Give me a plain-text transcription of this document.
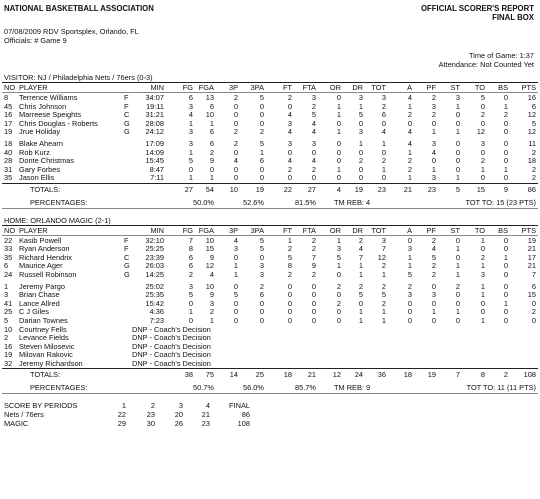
NATIONAL BASKETBALL ASSOCIATION	OFFICIAL SCORER'S REPORT
FINAL BOX
07/08/2009 RDV Sportsplex, Orlando, FL
Officials: # Game 9
Time of Game: 1:37
Attendance: Not Counted Yet
VISITOR: NJ / Philadelphia Nets / 76ers (0-3)
NO PLAYER	MIN	FG FGA 3P 3PA	FT FTA OR DR TOT	A PF ST TO BS PTS
8 Terrence Williams	F 34:07	6 13	2	5	2	3	0 3	3	4	2	3	5	0	16
45 Chris Johnson	F 19:11	3 6	0	0	0	2	1 1	2	1	3	1	0	1	6
16 Marreese Speights	C 31:21	4 10	0	0	4	5	1 5	6	2	2	0	2	2	12
17 Chris Douglas - Roberts	G 28:08	1 1	0	0	3	4	0 0	0	0	0	0	0	0	5
19 Jrue Holiday	G 24:12	3 6	2	2	4	4	1 3	4	4	1	1 12	0	12
18 Blake Ahearn	17:09	3 6	2	5	3	3	0 1	1	4	3	0	3	0	11
40 Rob Kurz	14:09	1 2	0	1	0	0	0 0	0	1	4	0	0	0	2
28 Donte Christmas	15:45	5 9	4	6	4	4	0 2	2	2	0	0	2	0	18
31 Gary Forbes	8:47	0 0	0	0	2	2	1 0	1	2	1	0	1	1	2
35 Jason Ellis	7:11	1 1	0	0	0	0	0 0	0	1	3	1	0	0	2
TOTALS:	27 54 10 19	22 27	4 19 23 21 23	5 15	9	86
PERCENTAGES:	50.0%	52.6%	81.5% TM REB: 4	TOT TO: 15 (23 PTS)
HOME: ORLANDO MAGIC (2-1)
NO PLAYER	MIN	FG FGA 3P 3PA	FT FTA OR DR TOT	A PF ST TO BS PTS
22 Kasib Powell	F 32:10	7 10	4	5	1	2	1 2	3	0	2	0	1	0	19
33 Ryan Anderson	F 25:25	8 15	3	5	2	2	3 4	7	3	4	1	0	0	21
35 Richard Hendrix	C 23:39	6 9	0	0	5	7	5 7 12	1	5	0	2	1	17
6 Maurice Ager	G 26:03	6 12	1	3	8	9	1 1	2	1	2	1	1	0	21
24 Russell Robinson	G 14:25	2 4	1	3	2	2	0 1	1	5	2	1	3	0	7
1 Jeremy Pargo	25:02	3 10	0	2	0	0	2 2	2	2	0	2	1	0	6
3 Brian Chase	25:35	5 9	5	6	0	0	0 5	5	3	3	0	1	0	15
41 Lance Allred	15:42	0 3	0	0	0	0	2 0	2	0	0	0	0	1	0
25 C J Giles	4:36	1 2	0	0	0	0	0 1	1	0	1	1	0	0	2
5 Darian Townes	7:23	0 1	0	0	0	0	0 1	1	0	0	0	1	0	0
10 Courtney Fells	DNP - Coach's Decision
2 Levance Fields	DNP - Coach's Decision
16 Steven Milosevic	DNP - Coach's Decision
19 Milovan Rakovic	DNP - Coach's Decision
32 Jeremy Richardson	DNP - Coach's Decision
TOTALS:	38 75 14 25	18 21 12 24 36 18 19	7	8	2 108
PERCENTAGES:	50.7%	56.0%	85.7% TM REB: 9	TOT TO: 11 (11 PTS)
SCORE BY PERIODS	1	2	3	4	FINAL
Nets / 76ers	22	23	20	21	86
MAGIC	29	30	26	23	108
